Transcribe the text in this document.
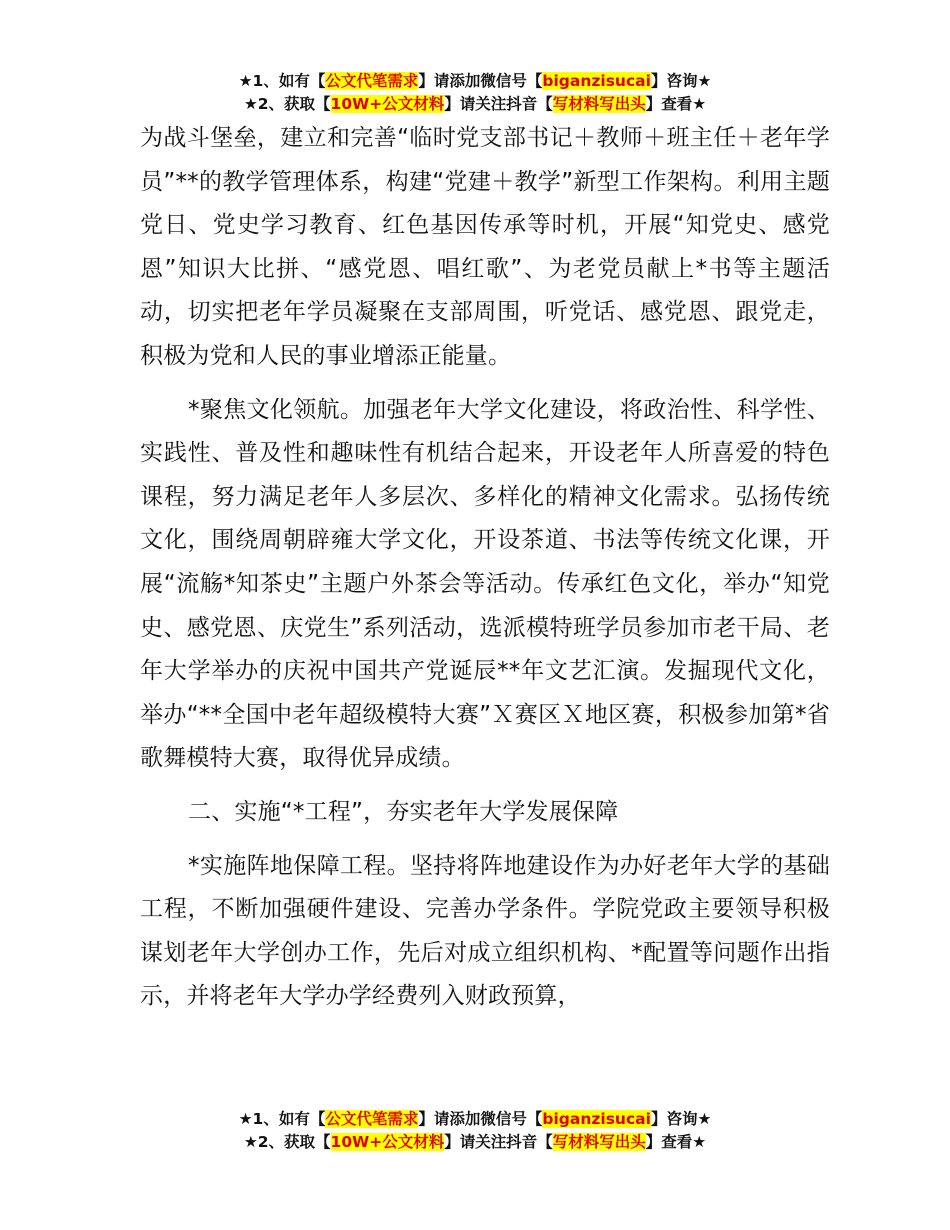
★1、如有【公文代笔需求】请添加微信号【biganzisucai】咨询★
★2、获取【10W+公文材料】请关注抖音【写材料写出头】查看★

为战斗堡垒，建立和完善“临时党支部书记＋教师＋班主任＋老年学员”**的教学管理体系，构建“党建＋教学”新型工作架构。利用主题党日、党史学习教育、红色基因传承等时机，开展“知党史、感党恩”知识大比拼、“感党恩、唱红歌”、为老党员献上*书等主题活动，切实把老年学员凝聚在支部周围，听党话、感党恩、跟党走，积极为党和人民的事业增添正能量。

*聚焦文化领航。加强老年大学文化建设，将政治性、科学性、实践性、普及性和趣味性有机结合起来，开设老年人所喜爱的特色课程，努力满足老年人多层次、多样化的精神文化需求。弘扬传统文化，围绕周朝辟雍大学文化，开设茶道、书法等传统文化课，开展“流觞*知茶史”主题户外茶会等活动。传承红色文化，举办“知党史、感党恩、庆党生”系列活动，选派模特班学员参加市老干局、老年大学举办的庆祝中国共产党诞辰**年文艺汇演。发掘现代文化，举办“**全国中老年超级模特大赛”Ｘ赛区Ｘ地区赛，积极参加第*省歌舞模特大赛，取得优异成绩。

二、实施“*工程”，夯实老年大学发展保障

*实施阵地保障工程。坚持将阵地建设作为办好老年大学的基础工程，不断加强硬件建设、完善办学条件。学院党政主要领导积极谋划老年大学创办工作，先后对成立组织机构、*配置等问题作出指示，并将老年大学办学经费列入财政预算，

★1、如有【公文代笔需求】请添加微信号【biganzisucai】咨询★
★2、获取【10W+公文材料】请关注抖音【写材料写出头】查看★
